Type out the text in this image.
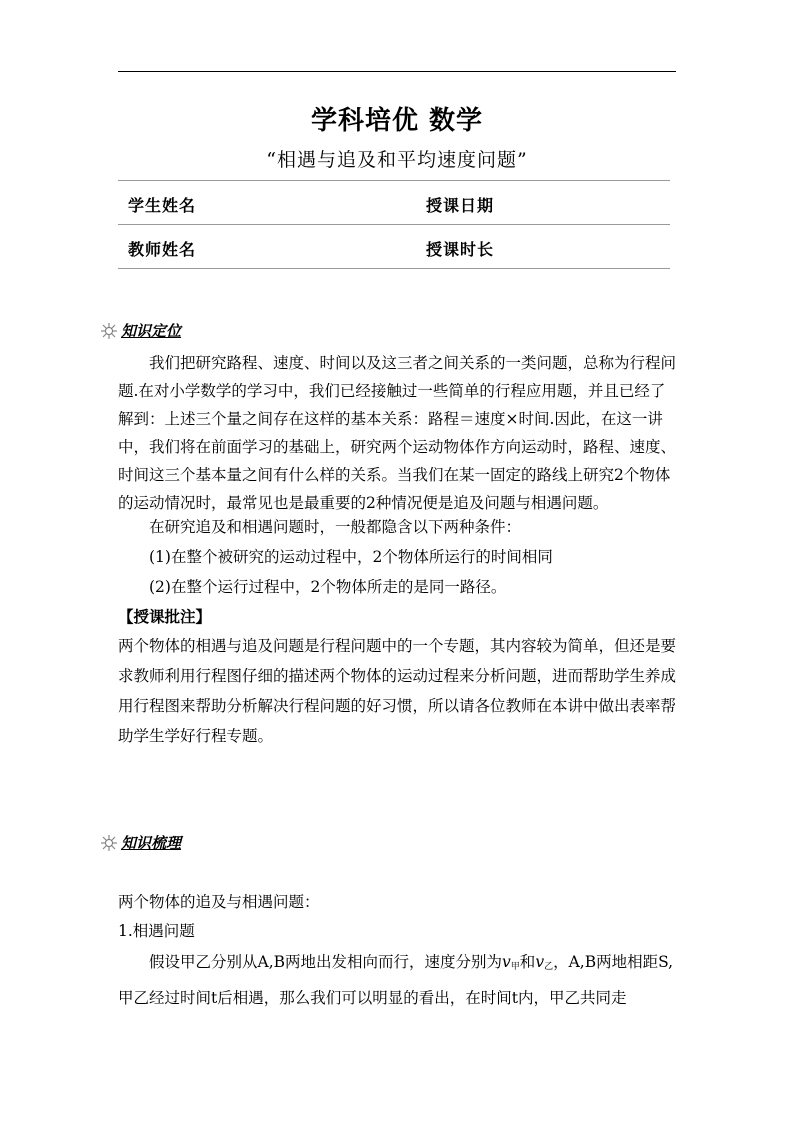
学科培优 数学
“相遇与追及和平均速度问题”
学生姓名	授课日期
教师姓名	授课时长
知识定位

我们把研究路程、速度、时间以及这三者之间关系的一类问题，总称为行程问题.在对小学数学的学习中，我们已经接触过一些简单的行程应用题，并且已经了解到：上述三个量之间存在这样的基本关系：路程＝速度×时间.因此，在这一讲中，我们将在前面学习的基础上，研究两个运动物体作方向运动时，路程、速度、时间这三个基本量之间有什么样的关系。当我们在某一固定的路线上研究2个物体的运动情况时，最常见也是最重要的2种情况便是追及问题与相遇问题。

在研究追及和相遇问题时，一般都隐含以下两种条件：

(1)在整个被研究的运动过程中，2个物体所运行的时间相同

(2)在整个运行过程中，2个物体所走的是同一路径。

【授课批注】

两个物体的相遇与追及问题是行程问题中的一个专题，其内容较为简单，但还是要求教师利用行程图仔细的描述两个物体的运动过程来分析问题，进而帮助学生养成用行程图来帮助分析解决行程问题的好习惯，所以请各位教师在本讲中做出表率帮助学生学好行程专题。

知识梳理

两个物体的追及与相遇问题：

1.相遇问题

假设甲乙分别从A,B两地出发相向而行，速度分别为$v_甲$和$v_乙$，A,B两地相距S,甲乙经过时间t后相遇，那么我们可以明显的看出，在时间t内，甲乙共同走
